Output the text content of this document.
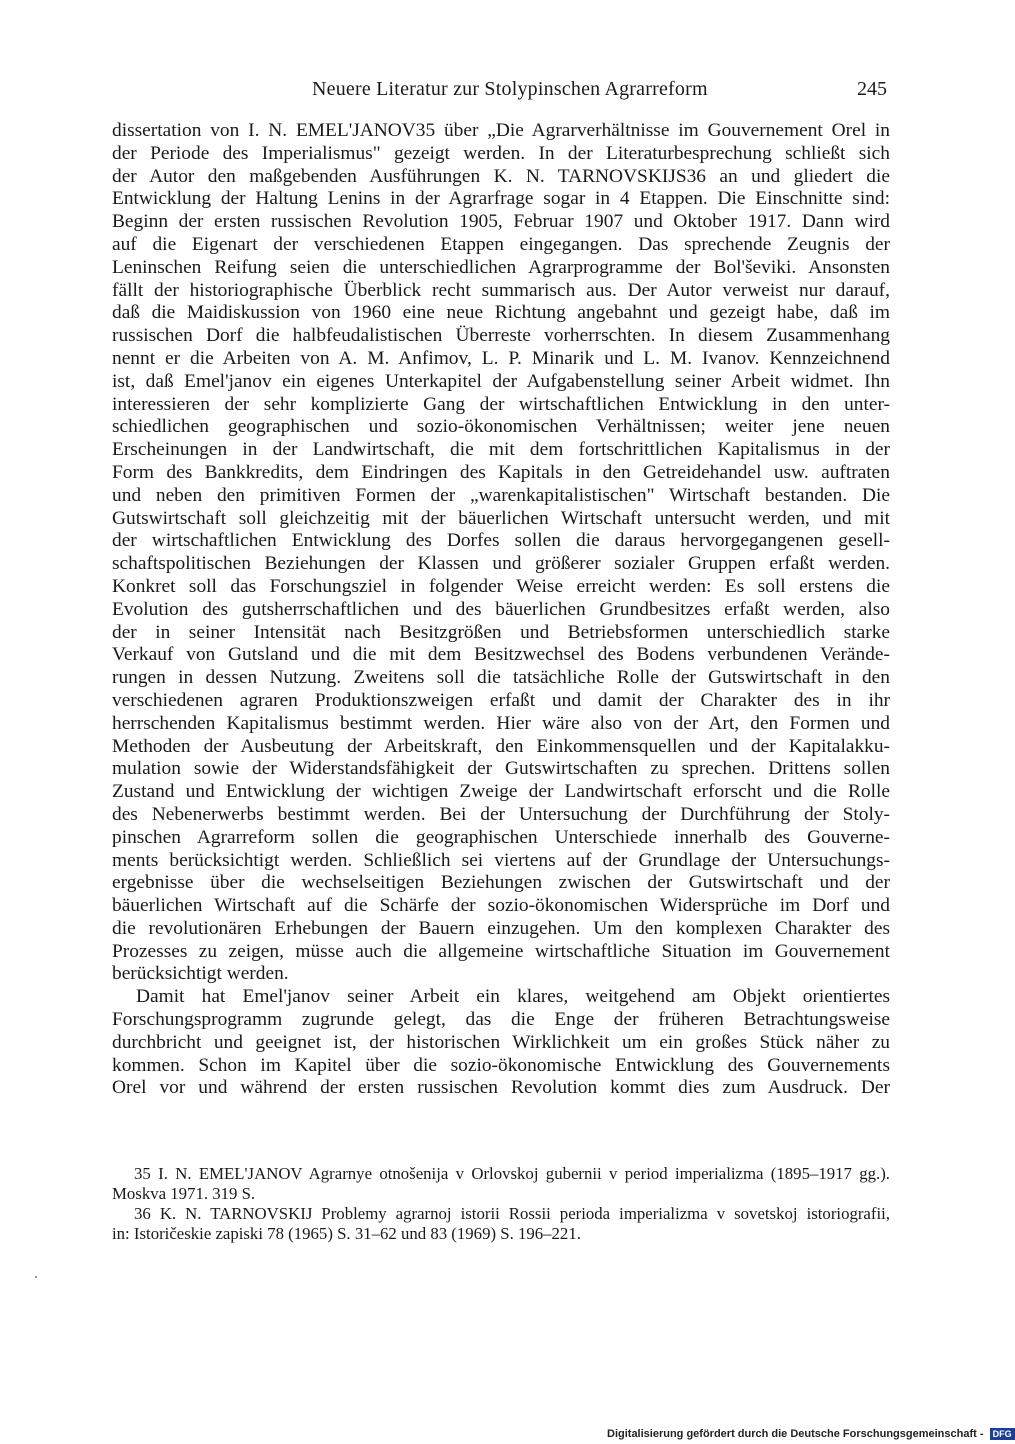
Neuere Literatur zur Stolypinschen Agrarreform	245
dissertation von I. N. EMEL'JANOV35 über „Die Agrarverhältnisse im Gouvernement Orel in
der Periode des Imperialismus" gezeigt werden. In der Literaturbesprechung schließt sich
der Autor den maßgebenden Ausführungen K. N. TARNOVSKIJS36 an und gliedert die
Entwicklung der Haltung Lenins in der Agrarfrage sogar in 4 Etappen. Die Einschnitte sind:
Beginn der ersten russischen Revolution 1905, Februar 1907 und Oktober 1917. Dann wird
auf die Eigenart der verschiedenen Etappen eingegangen. Das sprechende Zeugnis der
Leninschen Reifung seien die unterschiedlichen Agrarprogramme der Bol'ševiki. Ansonsten
fällt der historiographische Überblick recht summarisch aus. Der Autor verweist nur darauf,
daß die Maidiskussion von 1960 eine neue Richtung angebahnt und gezeigt habe, daß im
russischen Dorf die halbfeudalistischen Überreste vorherrschten. In diesem Zusammenhang
nennt er die Arbeiten von A. M. Anfimov, L. P. Minarik und L. M. Ivanov. Kennzeichnend
ist, daß Emel'janov ein eigenes Unterkapitel der Aufgabenstellung seiner Arbeit widmet. Ihn
interessieren der sehr komplizierte Gang der wirtschaftlichen Entwicklung in den unter-
schiedlichen geographischen und sozio-ökonomischen Verhältnissen; weiter jene neuen
Erscheinungen in der Landwirtschaft, die mit dem fortschrittlichen Kapitalismus in der
Form des Bankkredits, dem Eindringen des Kapitals in den Getreidehandel usw. auftraten
und neben den primitiven Formen der „warenkapitalistischen" Wirtschaft bestanden. Die
Gutswirtschaft soll gleichzeitig mit der bäuerlichen Wirtschaft untersucht werden, und mit
der wirtschaftlichen Entwicklung des Dorfes sollen die daraus hervorgegangenen gesell-
schaftspolitischen Beziehungen der Klassen und größerer sozialer Gruppen erfaßt werden.
Konkret soll das Forschungsziel in folgender Weise erreicht werden: Es soll erstens die
Evolution des gutsherrschaftlichen und des bäuerlichen Grundbesitzes erfaßt werden, also
der in seiner Intensität nach Besitzgrößen und Betriebsformen unterschiedlich starke
Verkauf von Gutsland und die mit dem Besitzwechsel des Bodens verbundenen Verände-
rungen in dessen Nutzung. Zweitens soll die tatsächliche Rolle der Gutswirtschaft in den
verschiedenen agraren Produktionszweigen erfaßt und damit der Charakter des in ihr
herrschenden Kapitalismus bestimmt werden. Hier wäre also von der Art, den Formen und
Methoden der Ausbeutung der Arbeitskraft, den Einkommensquellen und der Kapitalakku-
mulation sowie der Widerstandsfähigkeit der Gutswirtschaften zu sprechen. Drittens sollen
Zustand und Entwicklung der wichtigen Zweige der Landwirtschaft erforscht und die Rolle
des Nebenerwerbs bestimmt werden. Bei der Untersuchung der Durchführung der Stoly-
pinschen Agrarreform sollen die geographischen Unterschiede innerhalb des Gouverne-
ments berücksichtigt werden. Schließlich sei viertens auf der Grundlage der Untersuchungs-
ergebnisse über die wechselseitigen Beziehungen zwischen der Gutswirtschaft und der
bäuerlichen Wirtschaft auf die Schärfe der sozio-ökonomischen Widersprüche im Dorf und
die revolutionären Erhebungen der Bauern einzugehen. Um den komplexen Charakter des
Prozesses zu zeigen, müsse auch die allgemeine wirtschaftliche Situation im Gouvernement
berücksichtigt werden.
Damit hat Emel'janov seiner Arbeit ein klares, weitgehend am Objekt orientiertes
Forschungsprogramm zugrunde gelegt, das die Enge der früheren Betrachtungsweise
durchbricht und geeignet ist, der historischen Wirklichkeit um ein großes Stück näher zu
kommen. Schon im Kapitel über die sozio-ökonomische Entwicklung des Gouvernements
Orel vor und während der ersten russischen Revolution kommt dies zum Ausdruck. Der
35 I. N. EMEL'JANOV Agrarnye otnošenija v Orlovskoj gubernii v period imperializma (1895–1917 gg.).
Moskva 1971. 319 S.
36 K. N. TARNOVSKIJ Problemy agrarnoj istorii Rossii perioda imperializma v sovetskoj istoriografii,
in: Istoričeskie zapiski 78 (1965) S. 31–62 und 83 (1969) S. 196–221.
Digitalisierung gefördert durch die Deutsche Forschungsgemeinschaft - DFG
